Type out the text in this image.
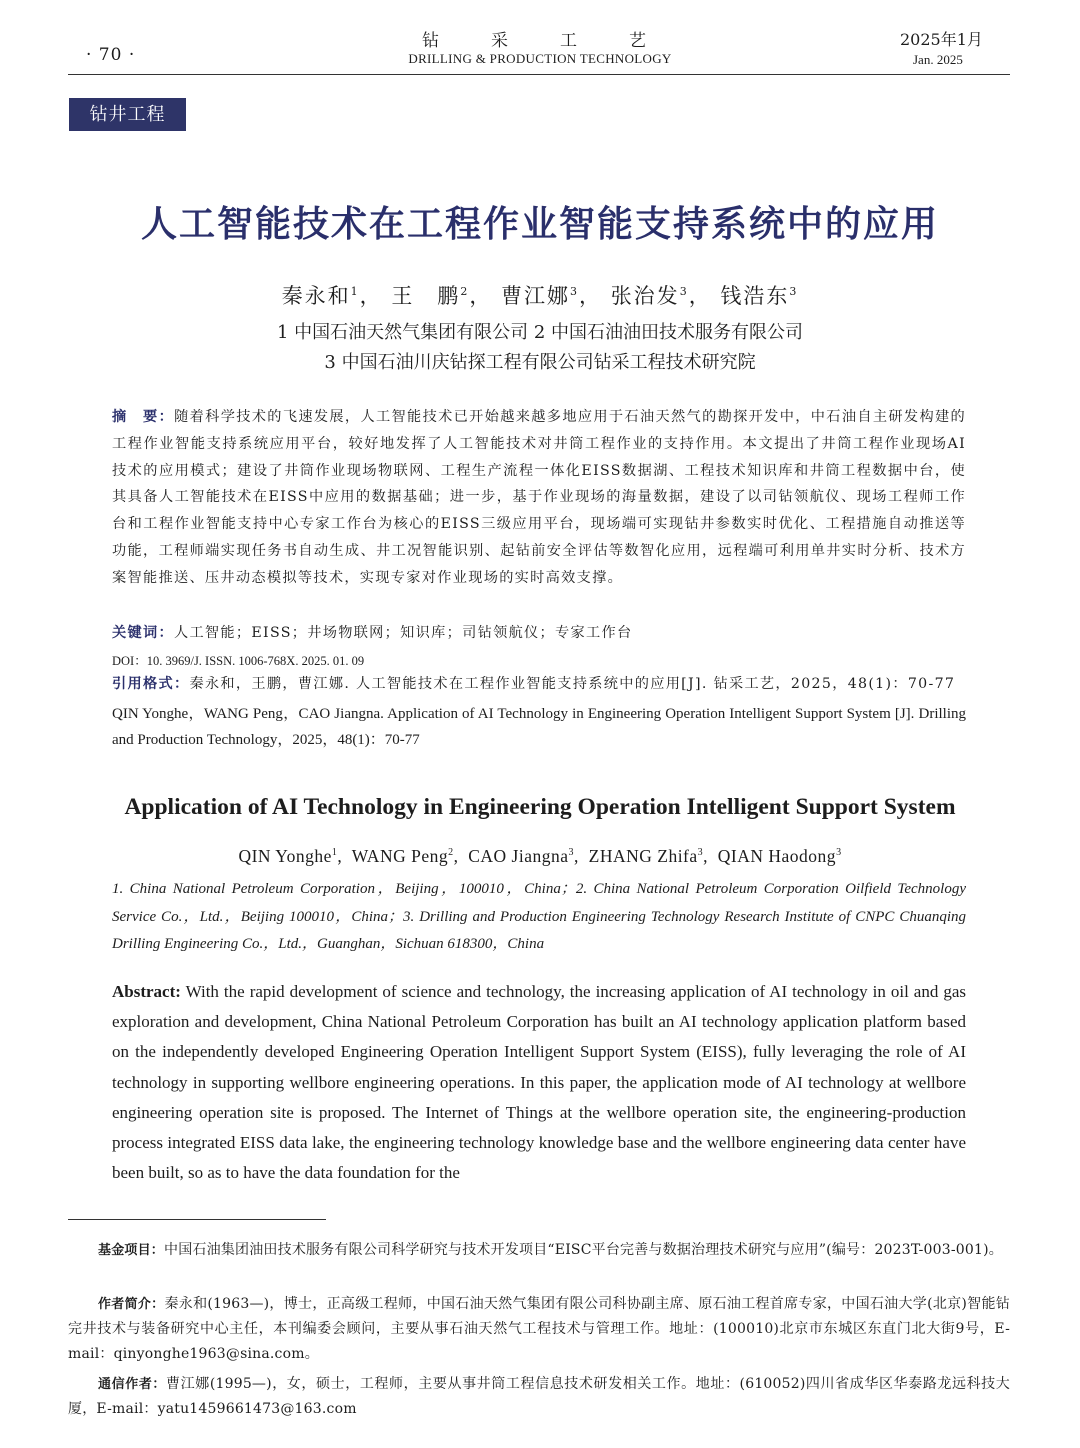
· 70 ·
钻采工艺
DRILLING & PRODUCTION TECHNOLOGY
2025年1月
Jan. 2025
钻井工程
人工智能技术在工程作业智能支持系统中的应用
秦永和$^1$， 王　鹏$^2$， 曹江娜$^3$， 张治发$^3$， 钱浩东$^3$
1 中国石油天然气集团有限公司 2 中国石油油田技术服务有限公司
3 中国石油川庆钻探工程有限公司钻采工程技术研究院
摘　要：随着科学技术的飞速发展，人工智能技术已开始越来越多地应用于石油天然气的勘探开发中，中石油自主研发构建的工程作业智能支持系统应用平台，较好地发挥了人工智能技术对井筒工程作业的支持作用。本文提出了井筒工程作业现场AI技术的应用模式；建设了井筒作业现场物联网、工程生产流程一体化EISS数据湖、工程技术知识库和井筒工程数据中台，使其具备人工智能技术在EISS中应用的数据基础；进一步，基于作业现场的海量数据，建设了以司钻领航仪、现场工程师工作台和工程作业智能支持中心专家工作台为核心的EISS三级应用平台，现场端可实现钻井参数实时优化、工程措施自动推送等功能，工程师端实现任务书自动生成、井工况智能识别、起钻前安全评估等数智化应用，远程端可利用单井实时分析、技术方案智能推送、压井动态模拟等技术，实现专家对作业现场的实时高效支撑。
关键词：人工智能；EISS；井场物联网；知识库；司钻领航仪；专家工作台
DOI：10. 3969/J. ISSN. 1006-768X. 2025. 01. 09
引用格式：秦永和，王鹏，曹江娜. 人工智能技术在工程作业智能支持系统中的应用[J]. 钻采工艺，2025，48(1)：70-77
QIN Yonghe，WANG Peng，CAO Jiangna. Application of AI Technology in Engineering Operation Intelligent Support System [J]. Drilling and Production Technology，2025，48(1)：70-77
Application of AI Technology in Engineering Operation Intelligent Support System
QIN Yonghe$^1$,  WANG Peng$^2$,  CAO Jiangna$^3$,  ZHANG Zhifa$^3$,  QIAN Haodong$^3$
1. China National Petroleum Corporation，Beijing，100010，China；2. China National Petroleum Corporation Oilfield Technology Service Co.，Ltd.，Beijing 100010，China；3. Drilling and Production Engineering Technology Research Institute of CNPC Chuanqing Drilling Engineering Co.，Ltd.，Guanghan，Sichuan 618300，China
Abstract: With the rapid development of science and technology, the increasing application of AI technology in oil and gas exploration and development, China National Petroleum Corporation has built an AI technology application platform based on the independently developed Engineering Operation Intelligent Support System (EISS), fully leveraging the role of AI technology in supporting wellbore engineering operations. In this paper, the application mode of AI technology at wellbore engineering operation site is proposed. The Internet of Things at the wellbore operation site, the engineering-production process integrated EISS data lake, the engineering technology knowledge base and the wellbore engineering data center have been built, so as to have the data foundation for the
基金项目：中国石油集团油田技术服务有限公司科学研究与技术开发项目“EISC平台完善与数据治理技术研究与应用”(编号：2023T-003-001)。
作者简介：秦永和(1963—)，博士，正高级工程师，中国石油天然气集团有限公司科协副主席、原石油工程首席专家，中国石油大学(北京)智能钻完井技术与装备研究中心主任，本刊编委会顾问，主要从事石油天然气工程技术与管理工作。地址：(100010)北京市东城区东直门北大街9号，E-mail：qinyonghe1963@sina.com。
通信作者：曹江娜(1995—)，女，硕士，工程师，主要从事井筒工程信息技术研发相关工作。地址：(610052)四川省成华区华泰路龙远科技大厦，E-mail：yatu1459661473@163.com
